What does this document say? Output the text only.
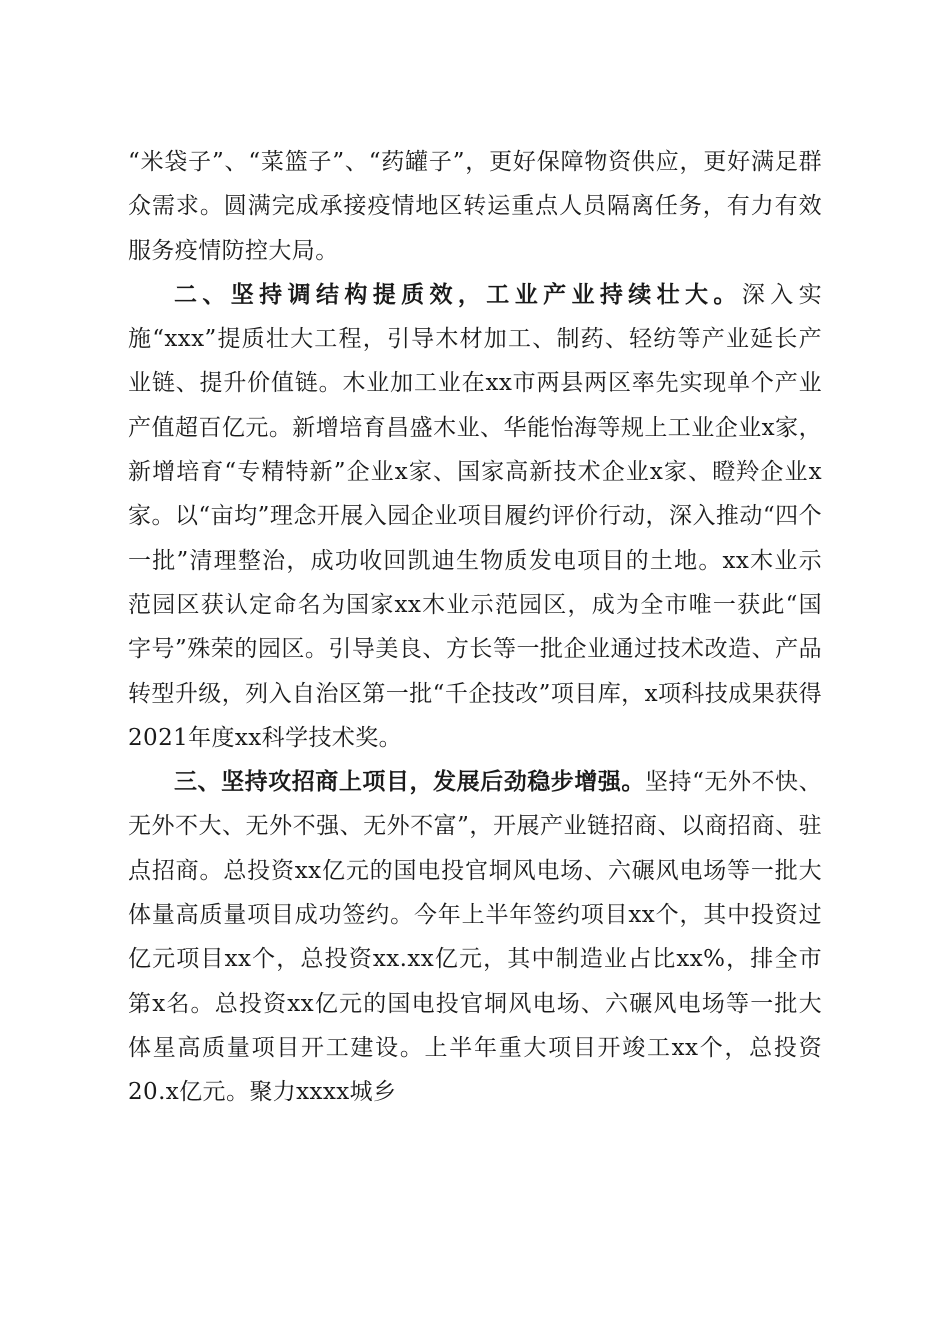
“米袋子”、“菜篮子”、“药罐子”，更好保障物资供应，更好满足群众需求。圆满完成承接疫情地区转运重点人员隔离任务，有力有效服务疫情防控大局。

二、坚持调结构提质效，工业产业持续壮大。深入实施“xxx”提质壮大工程，引导木材加工、制药、轻纺等产业延长产业链、提升价值链。木业加工业在xx市两县两区率先实现单个产业产值超百亿元。新增培育昌盛木业、华能怡海等规上工业企业x家，新增培育“专精特新”企业x家、国家高新技术企业x家、瞪羚企业x家。以“亩均”理念开展入园企业项目履约评价行动，深入推动“四个一批”清理整治，成功收回凯迪生物质发电项目的土地。xx木业示范园区获认定命名为国家xx木业示范园区，成为全市唯一获此“国字号”殊荣的园区。引导美良、方长等一批企业通过技术改造、产品转型升级，列入自治区第一批“千企技改”项目库，x项科技成果获得2021年度xx科学技术奖。

三、坚持攻招商上项目，发展后劲稳步增强。坚持“无外不快、无外不大、无外不强、无外不富”，开展产业链招商、以商招商、驻点招商。总投资xx亿元的国电投官垌风电场、六碾风电场等一批大体量高质量项目成功签约。今年上半年签约项目xx个，其中投资过亿元项目xx个，总投资xx.xx亿元，其中制造业占比xx%，排全市第x名。总投资xx亿元的国电投官垌风电场、六碾风电场等一批大体星高质量项目开工建设。上半年重大项目开竣工xx个，总投资20.x亿元。聚力xxxx城乡
